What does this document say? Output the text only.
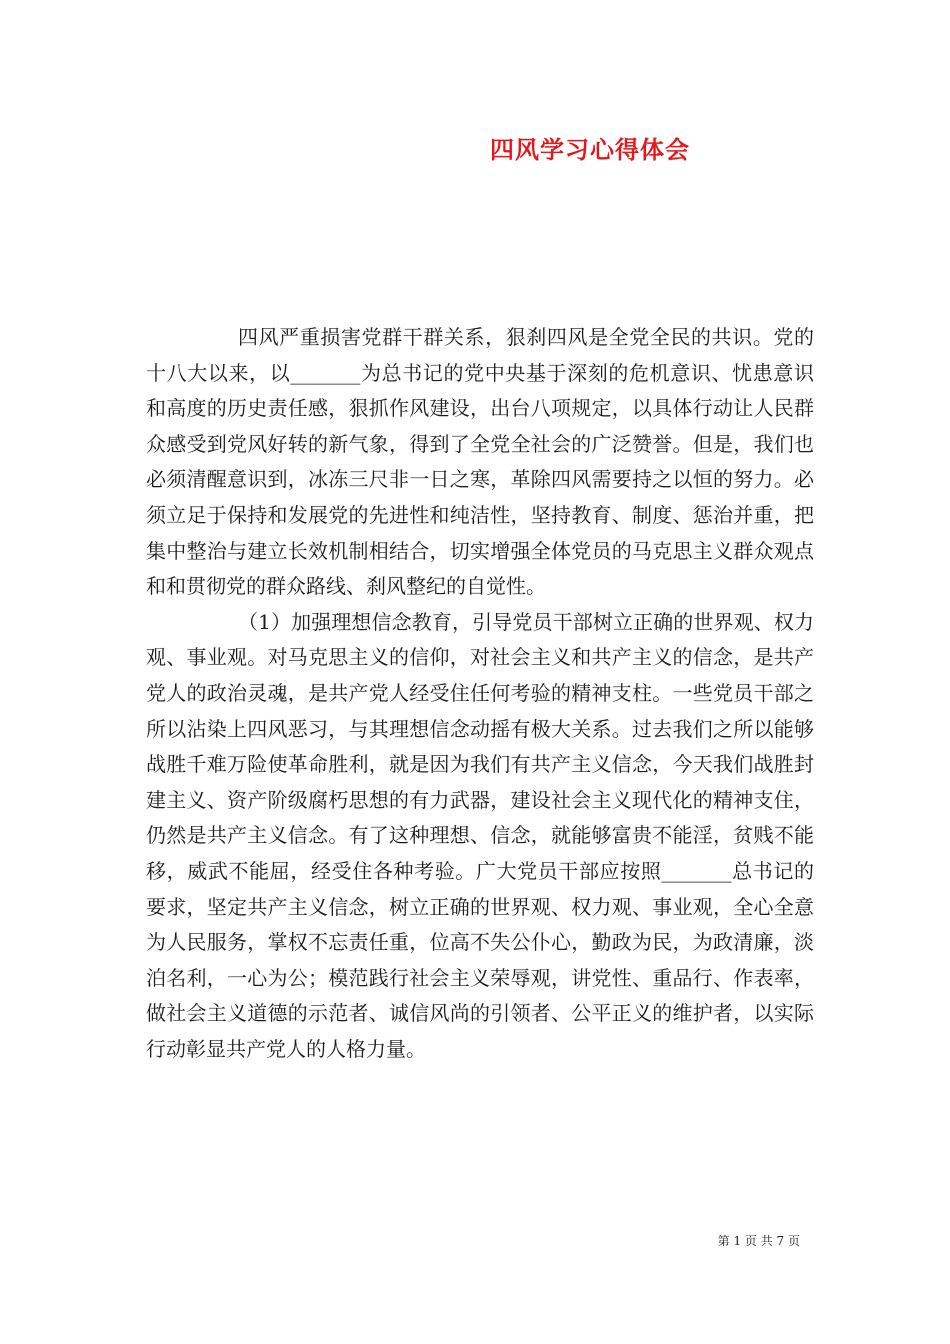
四风学习心得体会

四风严重损害党群干群关系，狠刹四风是全党全民的共识。党的十八大以来，以_______为总书记的党中央基于深刻的危机意识、忧患意识和高度的历史责任感，狠抓作风建设，出台八项规定，以具体行动让人民群众感受到党风好转的新气象，得到了全党全社会的广泛赞誉。但是，我们也必须清醒意识到，冰冻三尺非一日之寒，革除四风需要持之以恒的努力。必须立足于保持和发展党的先进性和纯洁性，坚持教育、制度、惩治并重，把集中整治与建立长效机制相结合，切实增强全体党员的马克思主义群众观点和和贯彻党的群众路线、刹风整纪的自觉性。

（1）加强理想信念教育，引导党员干部树立正确的世界观、权力观、事业观。对马克思主义的信仰，对社会主义和共产主义的信念，是共产党人的政治灵魂，是共产党人经受住任何考验的精神支柱。一些党员干部之所以沾染上四风恶习，与其理想信念动摇有极大关系。过去我们之所以能够战胜千难万险使革命胜利，就是因为我们有共产主义信念，今天我们战胜封建主义、资产阶级腐朽思想的有力武器，建设社会主义现代化的精神支住，仍然是共产主义信念。有了这种理想、信念，就能够富贵不能淫，贫贱不能移，威武不能屈，经受住各种考验。广大党员干部应按照_______总书记的要求，坚定共产主义信念，树立正确的世界观、权力观、事业观，全心全意为人民服务，掌权不忘责任重，位高不失公仆心，勤政为民，为政清廉，淡泊名利，一心为公；模范践行社会主义荣辱观，讲党性、重品行、作表率，做社会主义道德的示范者、诚信风尚的引领者、公平正义的维护者，以实际行动彰显共产党人的人格力量。

第 1 页 共 7 页
